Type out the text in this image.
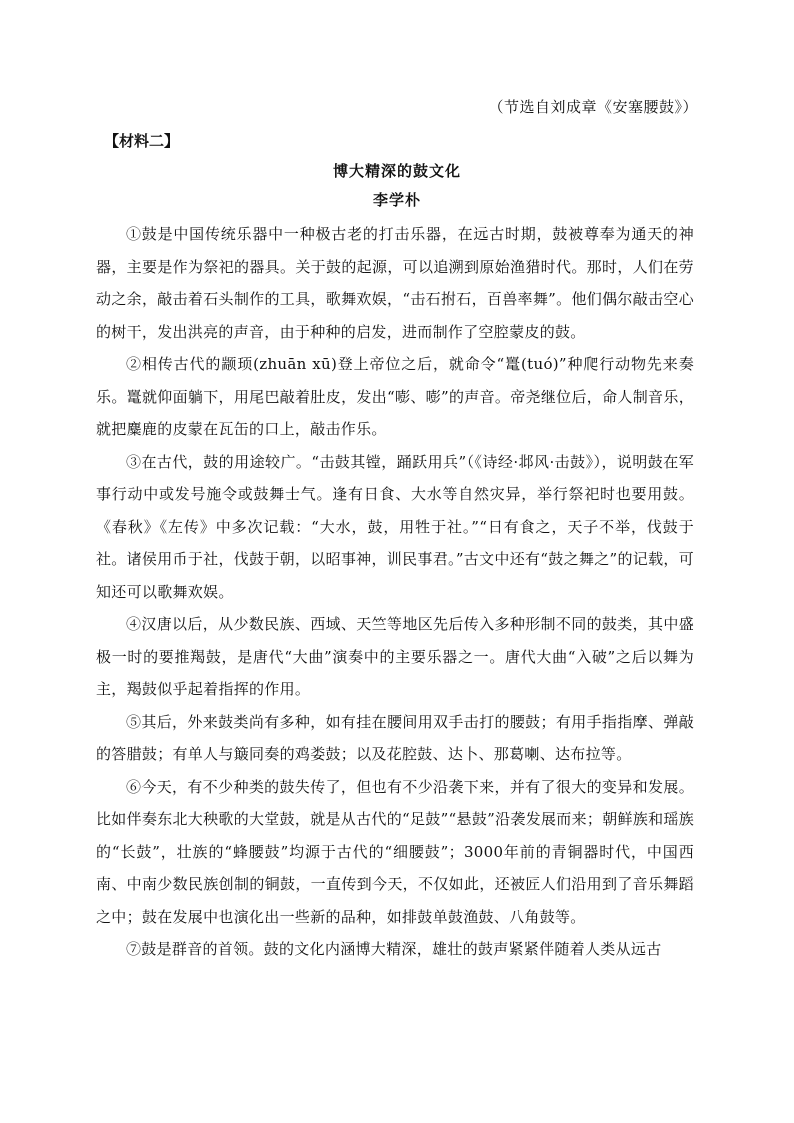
（节选自刘成章《安塞腰鼓》）
【材料二】
博大精深的鼓文化
李学朴

①鼓是中国传统乐器中一种极古老的打击乐器，在远古时期，鼓被尊奉为通天的神器，主要是作为祭祀的器具。关于鼓的起源，可以追溯到原始渔猎时代。那时，人们在劳动之余，敲击着石头制作的工具，歌舞欢娱，“击石拊石，百兽率舞”。他们偶尔敲击空心的树干，发出洪亮的声音，由于种种的启发，进而制作了空腔蒙皮的鼓。

②相传古代的颛顼(zhuān xū)登上帝位之后，就命令“鼍(tuó)”种爬行动物先来奏乐。鼍就仰面躺下，用尾巴敲着肚皮，发出“嘭、嘭”的声音。帝尧继位后，命人制音乐，就把麋鹿的皮蒙在瓦缶的口上，敲击作乐。

③在古代，鼓的用途较广。“击鼓其镗，踊跃用兵”（《诗经·邶风·击鼓》），说明鼓在军事行动中或发号施令或鼓舞士气。逢有日食、大水等自然灾异，举行祭祀时也要用鼓。《春秋》《左传》中多次记载：“大水，鼓，用牲于社。”“日有食之，天子不举，伐鼓于社。诸侯用币于社，伐鼓于朝，以昭事神，训民事君。”古文中还有“鼓之舞之”的记载，可知还可以歌舞欢娱。

④汉唐以后，从少数民族、西域、天竺等地区先后传入多种形制不同的鼓类，其中盛极一时的要推羯鼓，是唐代“大曲”演奏中的主要乐器之一。唐代大曲“入破”之后以舞为主，羯鼓似乎起着指挥的作用。

⑤其后，外来鼓类尚有多种，如有挂在腰间用双手击打的腰鼓；有用手指指摩、弹敲的答腊鼓；有单人与簸同奏的鸡娄鼓；以及花腔鼓、达卜、那葛喇、达布拉等。

⑥今天，有不少种类的鼓失传了，但也有不少沿袭下来，并有了很大的变异和发展。比如伴奏东北大秧歌的大堂鼓，就是从古代的“足鼓”“悬鼓”沿袭发展而来；朝鲜族和瑶族的“长鼓”，壮族的“蜂腰鼓”均源于古代的“细腰鼓”；3000年前的青铜器时代，中国西南、中南少数民族创制的铜鼓，一直传到今天，不仅如此，还被匠人们沿用到了音乐舞蹈之中；鼓在发展中也演化出一些新的品种，如排鼓单鼓渔鼓、八角鼓等。

⑦鼓是群音的首领。鼓的文化内涵博大精深，雄壮的鼓声紧紧伴随着人类从远古
